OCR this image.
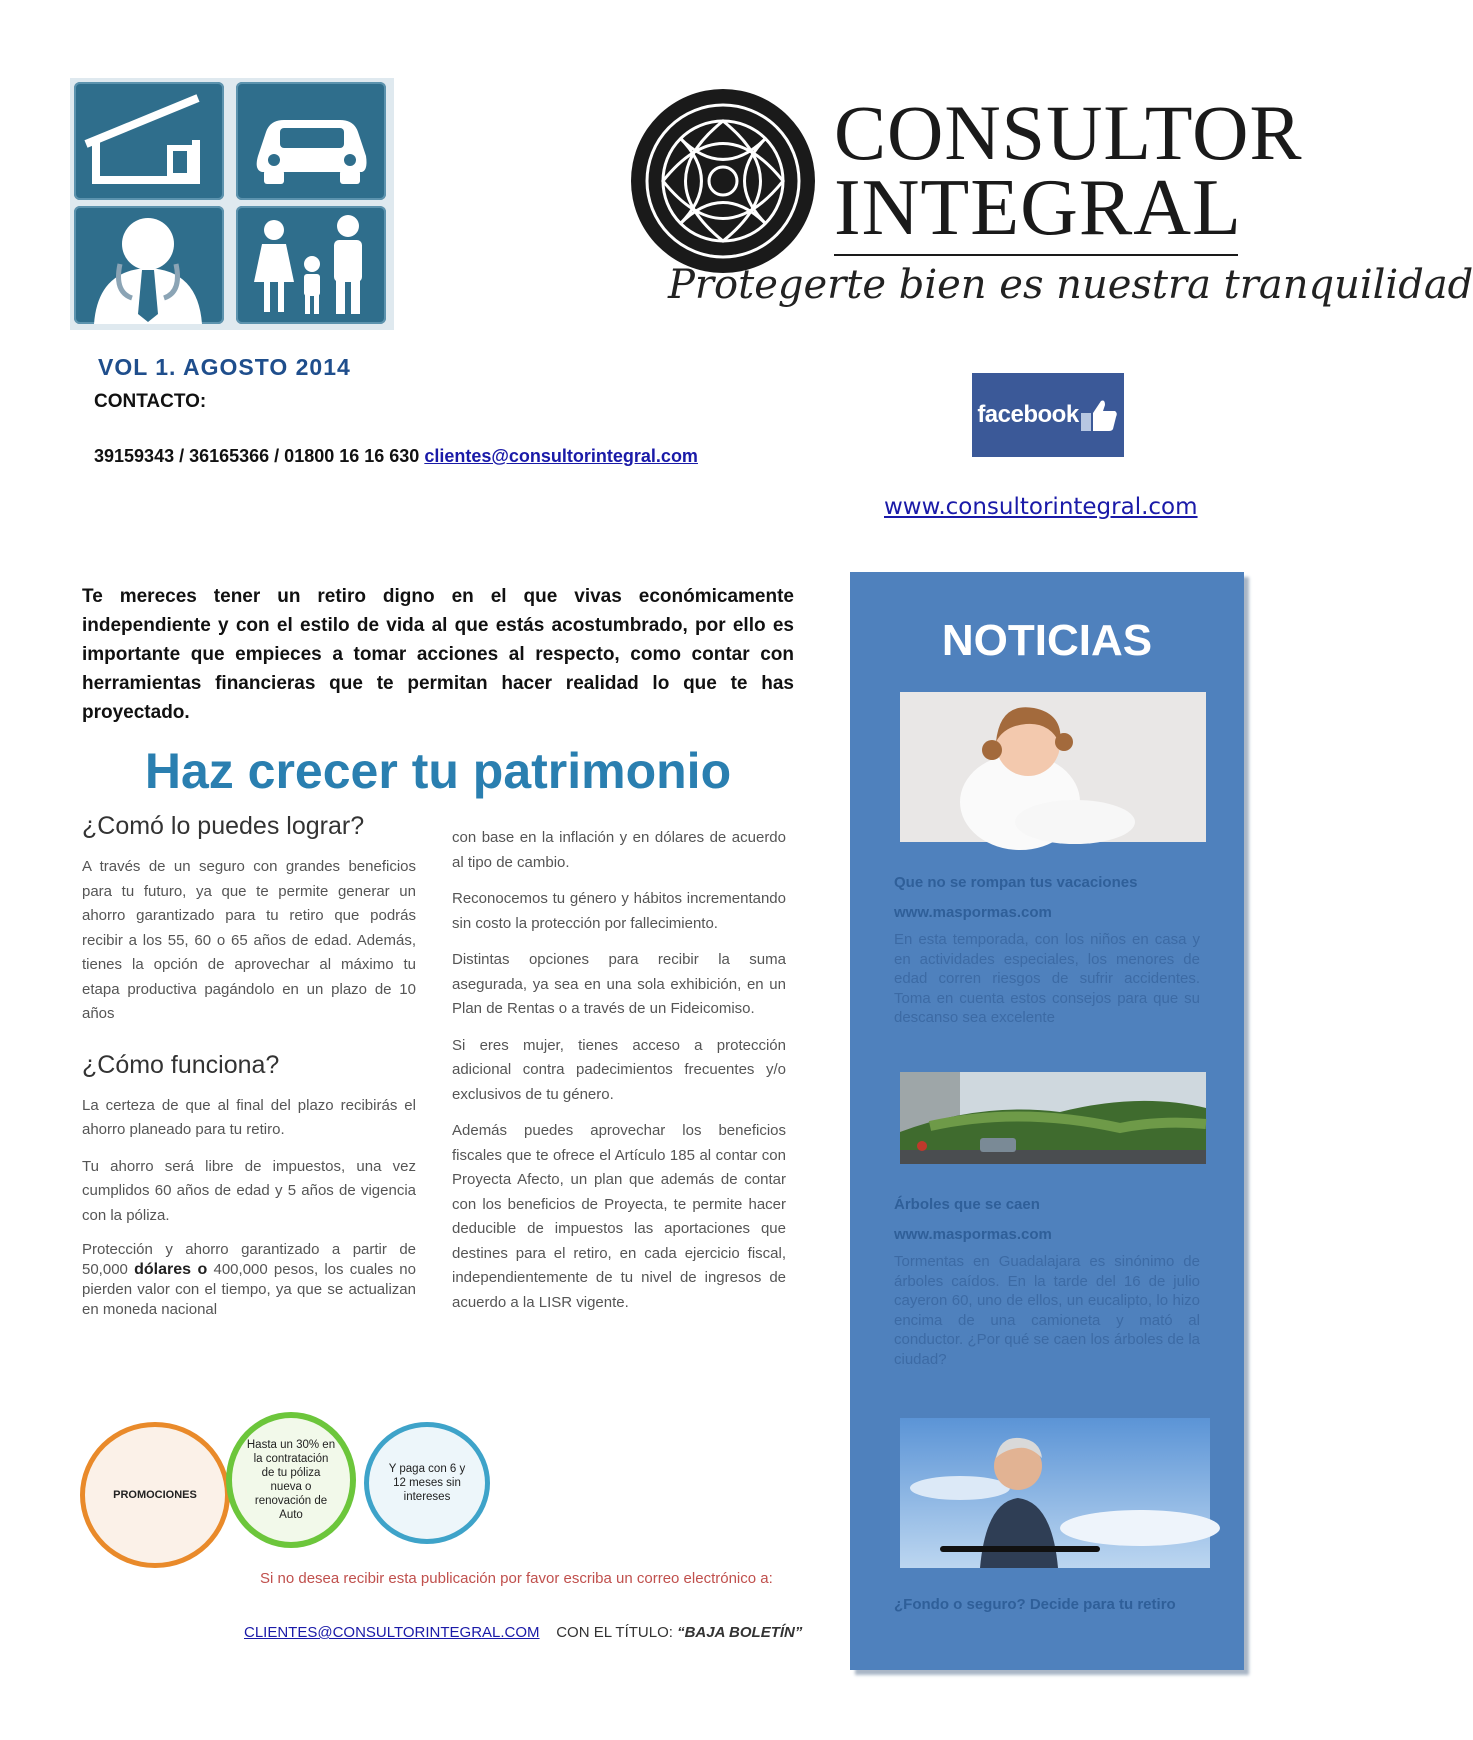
CONSULTOR
INTEGRAL
Protegerte bien es nuestra tranquilidad
VOL 1. AGOSTO 2014
CONTACTO:
39159343 / 36165366 / 01800 16 16 630 clientes@consultorintegral.com
facebook
www.consultorintegral.com
Te mereces tener un retiro digno en el que vivas económicamente independiente y con el estilo de vida al que estás acostumbrado, por ello es importante que empieces a tomar acciones al respecto, como contar con herramientas financieras que te permitan hacer realidad lo que te has proyectado.
Haz crecer tu patrimonio
¿Comó lo puedes lograr?

A través de un seguro con grandes beneficios para tu futuro, ya que te permite generar un ahorro garantizado para tu retiro que podrás recibir a los 55, 60 o 65 años de edad. Además, tienes la opción de aprovechar al máximo tu etapa productiva pagándolo en un plazo de 10 años

¿Cómo funciona?

La certeza de que al final del plazo recibirás el ahorro planeado para tu retiro.

Tu ahorro será libre de impuestos, una vez cumplidos 60 años de edad y 5 años de vigencia con la póliza.

Protección y ahorro garantizado a partir de 50,000 dólares o 400,000 pesos, los cuales no pierden valor con el tiempo, ya que se actualizan en moneda nacional

con base en la inflación y en dólares de acuerdo al tipo de cambio.

Reconocemos tu género y hábitos incrementando sin costo la protección por fallecimiento.

Distintas opciones para recibir la suma asegurada, ya sea en una sola exhibición, en un Plan de Rentas o a través de un Fideicomiso.

Si eres mujer, tienes acceso a protección adicional contra padecimientos frecuentes y/o exclusivos de tu género.

Además puedes aprovechar los beneficios fiscales que te ofrece el Artículo 185 al contar con Proyecta Afecto, un plan que además de contar con los beneficios de Proyecta, te permite hacer deducible de impuestos las aportaciones que destines para el retiro, en cada ejercicio fiscal, independientemente de tu nivel de ingresos de acuerdo a la LISR vigente.

NOTICIAS
Que no se rompan tus vacaciones
www.maspormas.com
En esta temporada, con los niños en casa y en actividades especiales, los menores de edad corren riesgos de sufrir accidentes. Toma en cuenta estos consejos para que su descanso sea excelente
Árboles que se caen
www.maspormas.com
Tormentas en Guadalajara es sinónimo de árboles caídos. En la tarde del 16 de julio cayeron 60, uno de ellos, un eucalipto, lo hizo encima de una camioneta y mató al conductor. ¿Por qué se caen los árboles de la ciudad?
¿Fondo o seguro? Decide para tu retiro
PROMOCIONES
Hasta un 30% en la contratación de tu póliza nueva o renovación de Auto
Y paga con 6 y 12 meses sin intereses
Si no desea recibir esta publicación por favor escriba un correo electrónico a:
CLIENTES@CONSULTORINTEGRAL.COM CON EL TÍTULO: “BAJA BOLETÍN”
